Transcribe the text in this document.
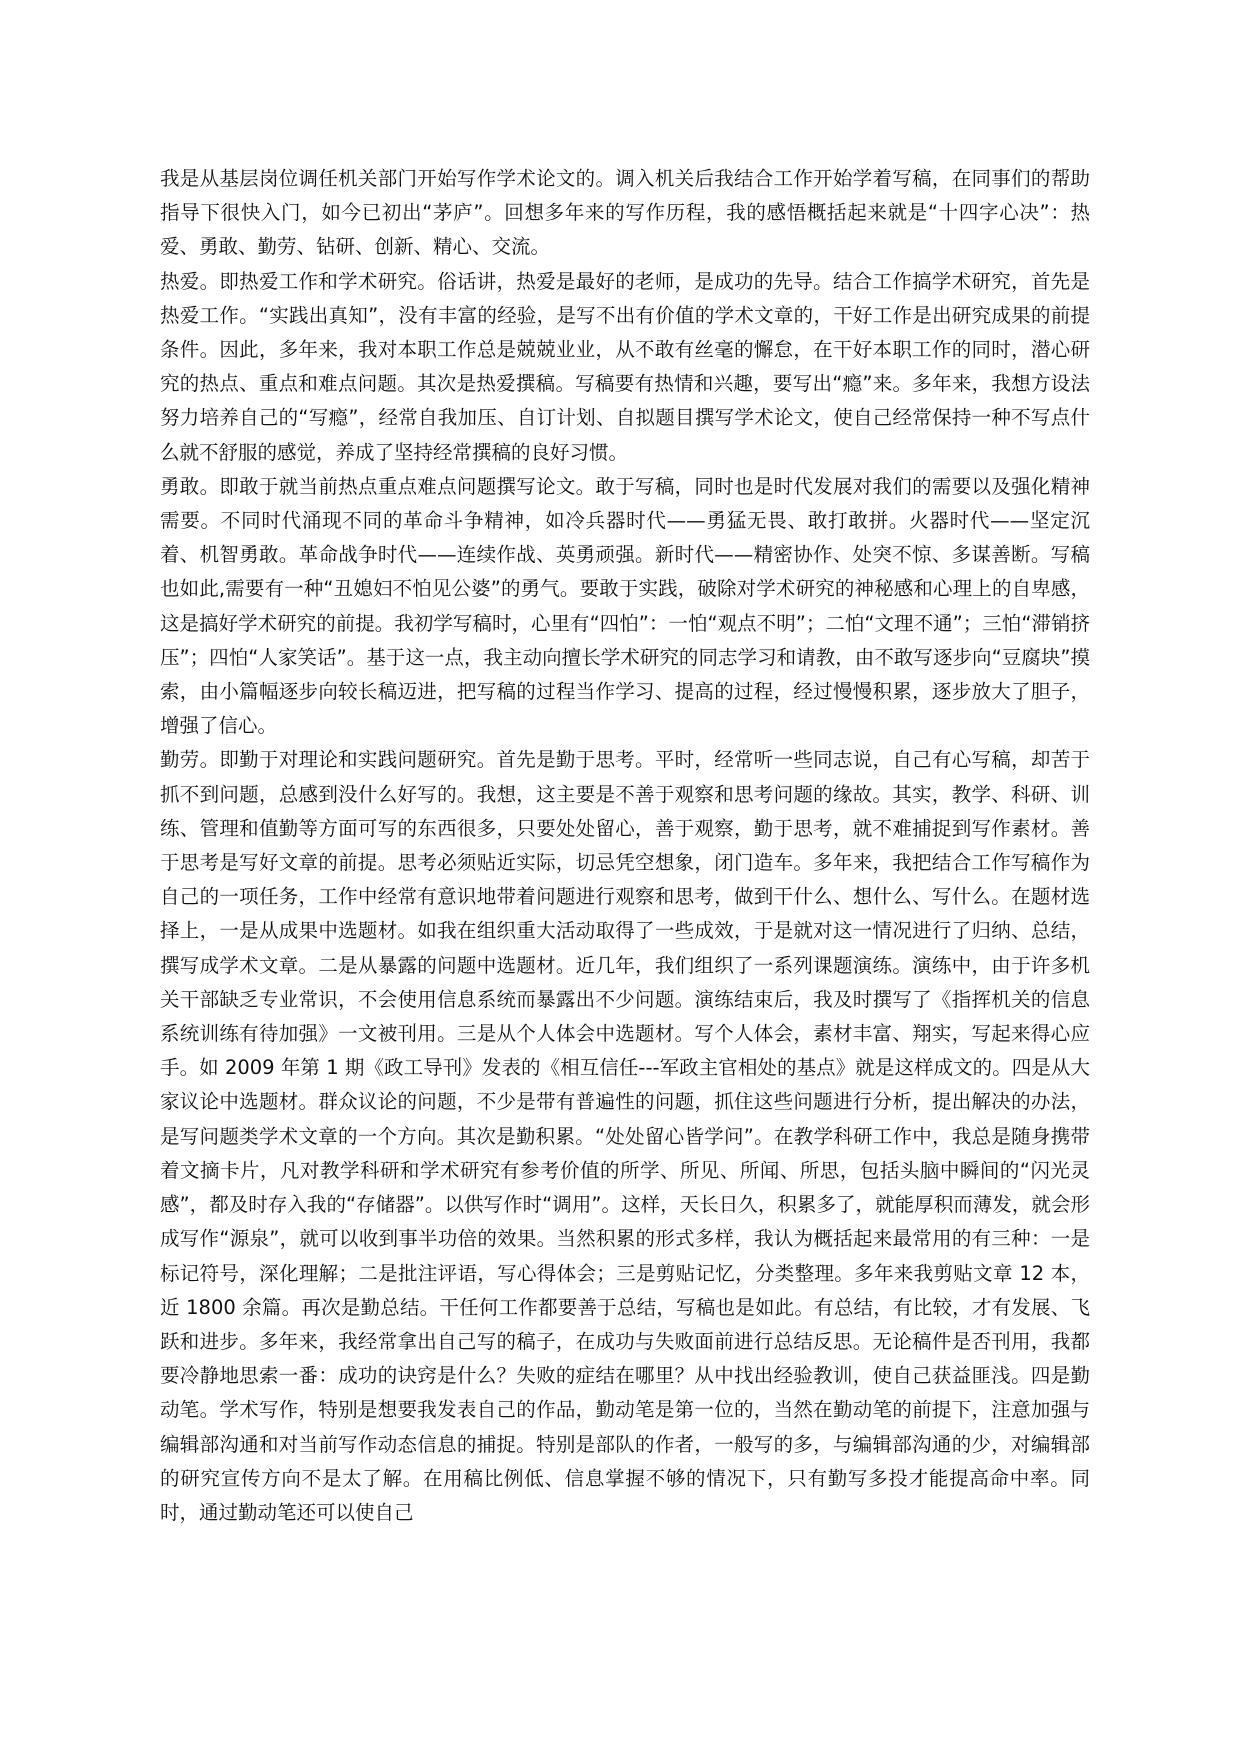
我是从基层岗位调任机关部门开始写作学术论文的。调入机关后我结合工作开始学着写稿，在同事们的帮助指导下很快入门，如今已初出“茅庐”。回想多年来的写作历程，我的感悟概括起来就是“十四字心决”：热爱、勇敢、勤劳、钻研、创新、精心、交流。

热爱。即热爱工作和学术研究。俗话讲，热爱是最好的老师，是成功的先导。结合工作搞学术研究，首先是热爱工作。“实践出真知”，没有丰富的经验，是写不出有价值的学术文章的，干好工作是出研究成果的前提条件。因此，多年来，我对本职工作总是兢兢业业，从不敢有丝毫的懈怠，在干好本职工作的同时，潜心研究的热点、重点和难点问题。其次是热爱撰稿。写稿要有热情和兴趣，要写出“瘾”来。多年来，我想方设法努力培养自己的“写瘾”，经常自我加压、自订计划、自拟题目撰写学术论文，使自己经常保持一种不写点什么就不舒服的感觉，养成了坚持经常撰稿的良好习惯。

勇敢。即敢于就当前热点重点难点问题撰写论文。敢于写稿，同时也是时代发展对我们的需要以及强化精神需要。不同时代涌现不同的革命斗争精神，如冷兵器时代——勇猛无畏、敢打敢拼。火器时代——坚定沉着、机智勇敢。革命战争时代——连续作战、英勇顽强。新时代——精密协作、处突不惊、多谋善断。写稿也如此,需要有一种“丑媳妇不怕见公婆”的勇气。要敢于实践，破除对学术研究的神秘感和心理上的自卑感，这是搞好学术研究的前提。我初学写稿时，心里有“四怕”：一怕“观点不明”；二怕“文理不通”；三怕“滞销挤压”；四怕“人家笑话”。基于这一点，我主动向擅长学术研究的同志学习和请教，由不敢写逐步向“豆腐块”摸索，由小篇幅逐步向较长稿迈进，把写稿的过程当作学习、提高的过程，经过慢慢积累，逐步放大了胆子，增强了信心。

勤劳。即勤于对理论和实践问题研究。首先是勤于思考。平时，经常听一些同志说，自己有心写稿，却苦于抓不到问题，总感到没什么好写的。我想，这主要是不善于观察和思考问题的缘故。其实，教学、科研、训练、管理和值勤等方面可写的东西很多，只要处处留心，善于观察，勤于思考，就不难捕捉到写作素材。善于思考是写好文章的前提。思考必须贴近实际，切忌凭空想象，闭门造车。多年来，我把结合工作写稿作为自己的一项任务，工作中经常有意识地带着问题进行观察和思考，做到干什么、想什么、写什么。在题材选择上，一是从成果中选题材。如我在组织重大活动取得了一些成效，于是就对这一情况进行了归纳、总结，撰写成学术文章。二是从暴露的问题中选题材。近几年，我们组织了一系列课题演练。演练中，由于许多机关干部缺乏专业常识，不会使用信息系统而暴露出不少问题。演练结束后，我及时撰写了《指挥机关的信息系统训练有待加强》一文被刊用。三是从个人体会中选题材。写个人体会，素材丰富、翔实，写起来得心应手。如 2009 年第 1 期《政工导刊》发表的《相互信任---军政主官相处的基点》就是这样成文的。四是从大家议论中选题材。群众议论的问题，不少是带有普遍性的问题，抓住这些问题进行分析，提出解决的办法，是写问题类学术文章的一个方向。其次是勤积累。“处处留心皆学问”。在教学科研工作中，我总是随身携带着文摘卡片，凡对教学科研和学术研究有参考价值的所学、所见、所闻、所思，包括头脑中瞬间的“闪光灵感”，都及时存入我的“存储器”。以供写作时“调用”。这样，天长日久，积累多了，就能厚积而薄发，就会形成写作“源泉”，就可以收到事半功倍的效果。当然积累的形式多样，我认为概括起来最常用的有三种：一是标记符号，深化理解；二是批注评语，写心得体会；三是剪贴记忆，分类整理。多年来我剪贴文章 12 本，近 1800 余篇。再次是勤总结。干任何工作都要善于总结，写稿也是如此。有总结，有比较，才有发展、飞跃和进步。多年来，我经常拿出自己写的稿子，在成功与失败面前进行总结反思。无论稿件是否刊用，我都要冷静地思索一番：成功的诀窍是什么？失败的症结在哪里？从中找出经验教训，使自己获益匪浅。四是勤动笔。学术写作，特别是想要我发表自己的作品，勤动笔是第一位的，当然在勤动笔的前提下，注意加强与编辑部沟通和对当前写作动态信息的捕捉。特别是部队的作者，一般写的多，与编辑部沟通的少，对编辑部的研究宣传方向不是太了解。在用稿比例低、信息掌握不够的情况下，只有勤写多投才能提高命中率。同时，通过勤动笔还可以使自己
